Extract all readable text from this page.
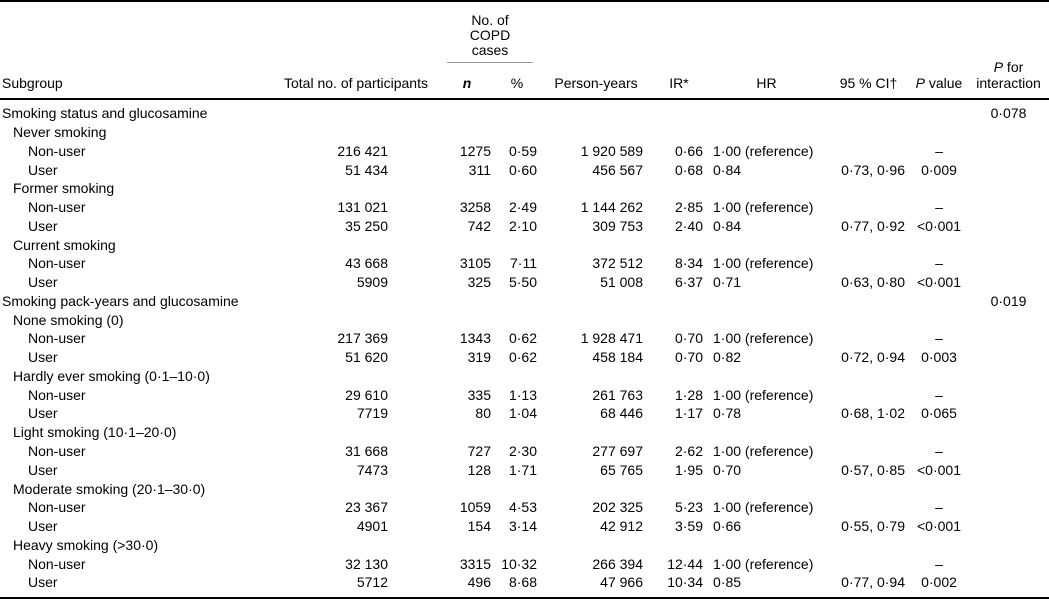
Subgroup	Total no. of participants	No. of COPD cases		Person-years	IR*	HR	95 % CI†	P value	P for
interaction

		n	%						
Smoking status and glucosamine									0·078
Never smoking									
Non-user	216 421	1275	0·59	1 920 589	0·66	1·00 (reference)		–	
User	51 434	311	0·60	456 567	0·68	0·84	0·73, 0·96	0·009	
Former smoking									
Non-user	131 021	3258	2·49	1 144 262	2·85	1·00 (reference)		–	
User	35 250	742	2·10	309 753	2·40	0·84	0·77, 0·92	<0·001	
Current smoking									
Non-user	43 668	3105	7·11	372 512	8·34	1·00 (reference)		–	
User	5909	325	5·50	51 008	6·37	0·71	0·63, 0·80	<0·001	
Smoking pack-years and glucosamine									0·019
None smoking (0)									
Non-user	217 369	1343	0·62	1 928 471	0·70	1·00 (reference)		–	
User	51 620	319	0·62	458 184	0·70	0·82	0·72, 0·94	0·003	
Hardly ever smoking (0·1–10·0)									
Non-user	29 610	335	1·13	261 763	1·28	1·00 (reference)		–	
User	7719	80	1·04	68 446	1·17	0·78	0·68, 1·02	0·065	
Light smoking (10·1–20·0)									
Non-user	31 668	727	2·30	277 697	2·62	1·00 (reference)		–	
User	7473	128	1·71	65 765	1·95	0·70	0·57, 0·85	<0·001	
Moderate smoking (20·1–30·0)									
Non-user	23 367	1059	4·53	202 325	5·23	1·00 (reference)		–	
User	4901	154	3·14	42 912	3·59	0·66	0·55, 0·79	<0·001	
Heavy smoking (>30·0)									
Non-user	32 130	3315	10·32	266 394	12·44	1·00 (reference)		–	
User	5712	496	8·68	47 966	10·34	0·85	0·77, 0·94	0·002	
